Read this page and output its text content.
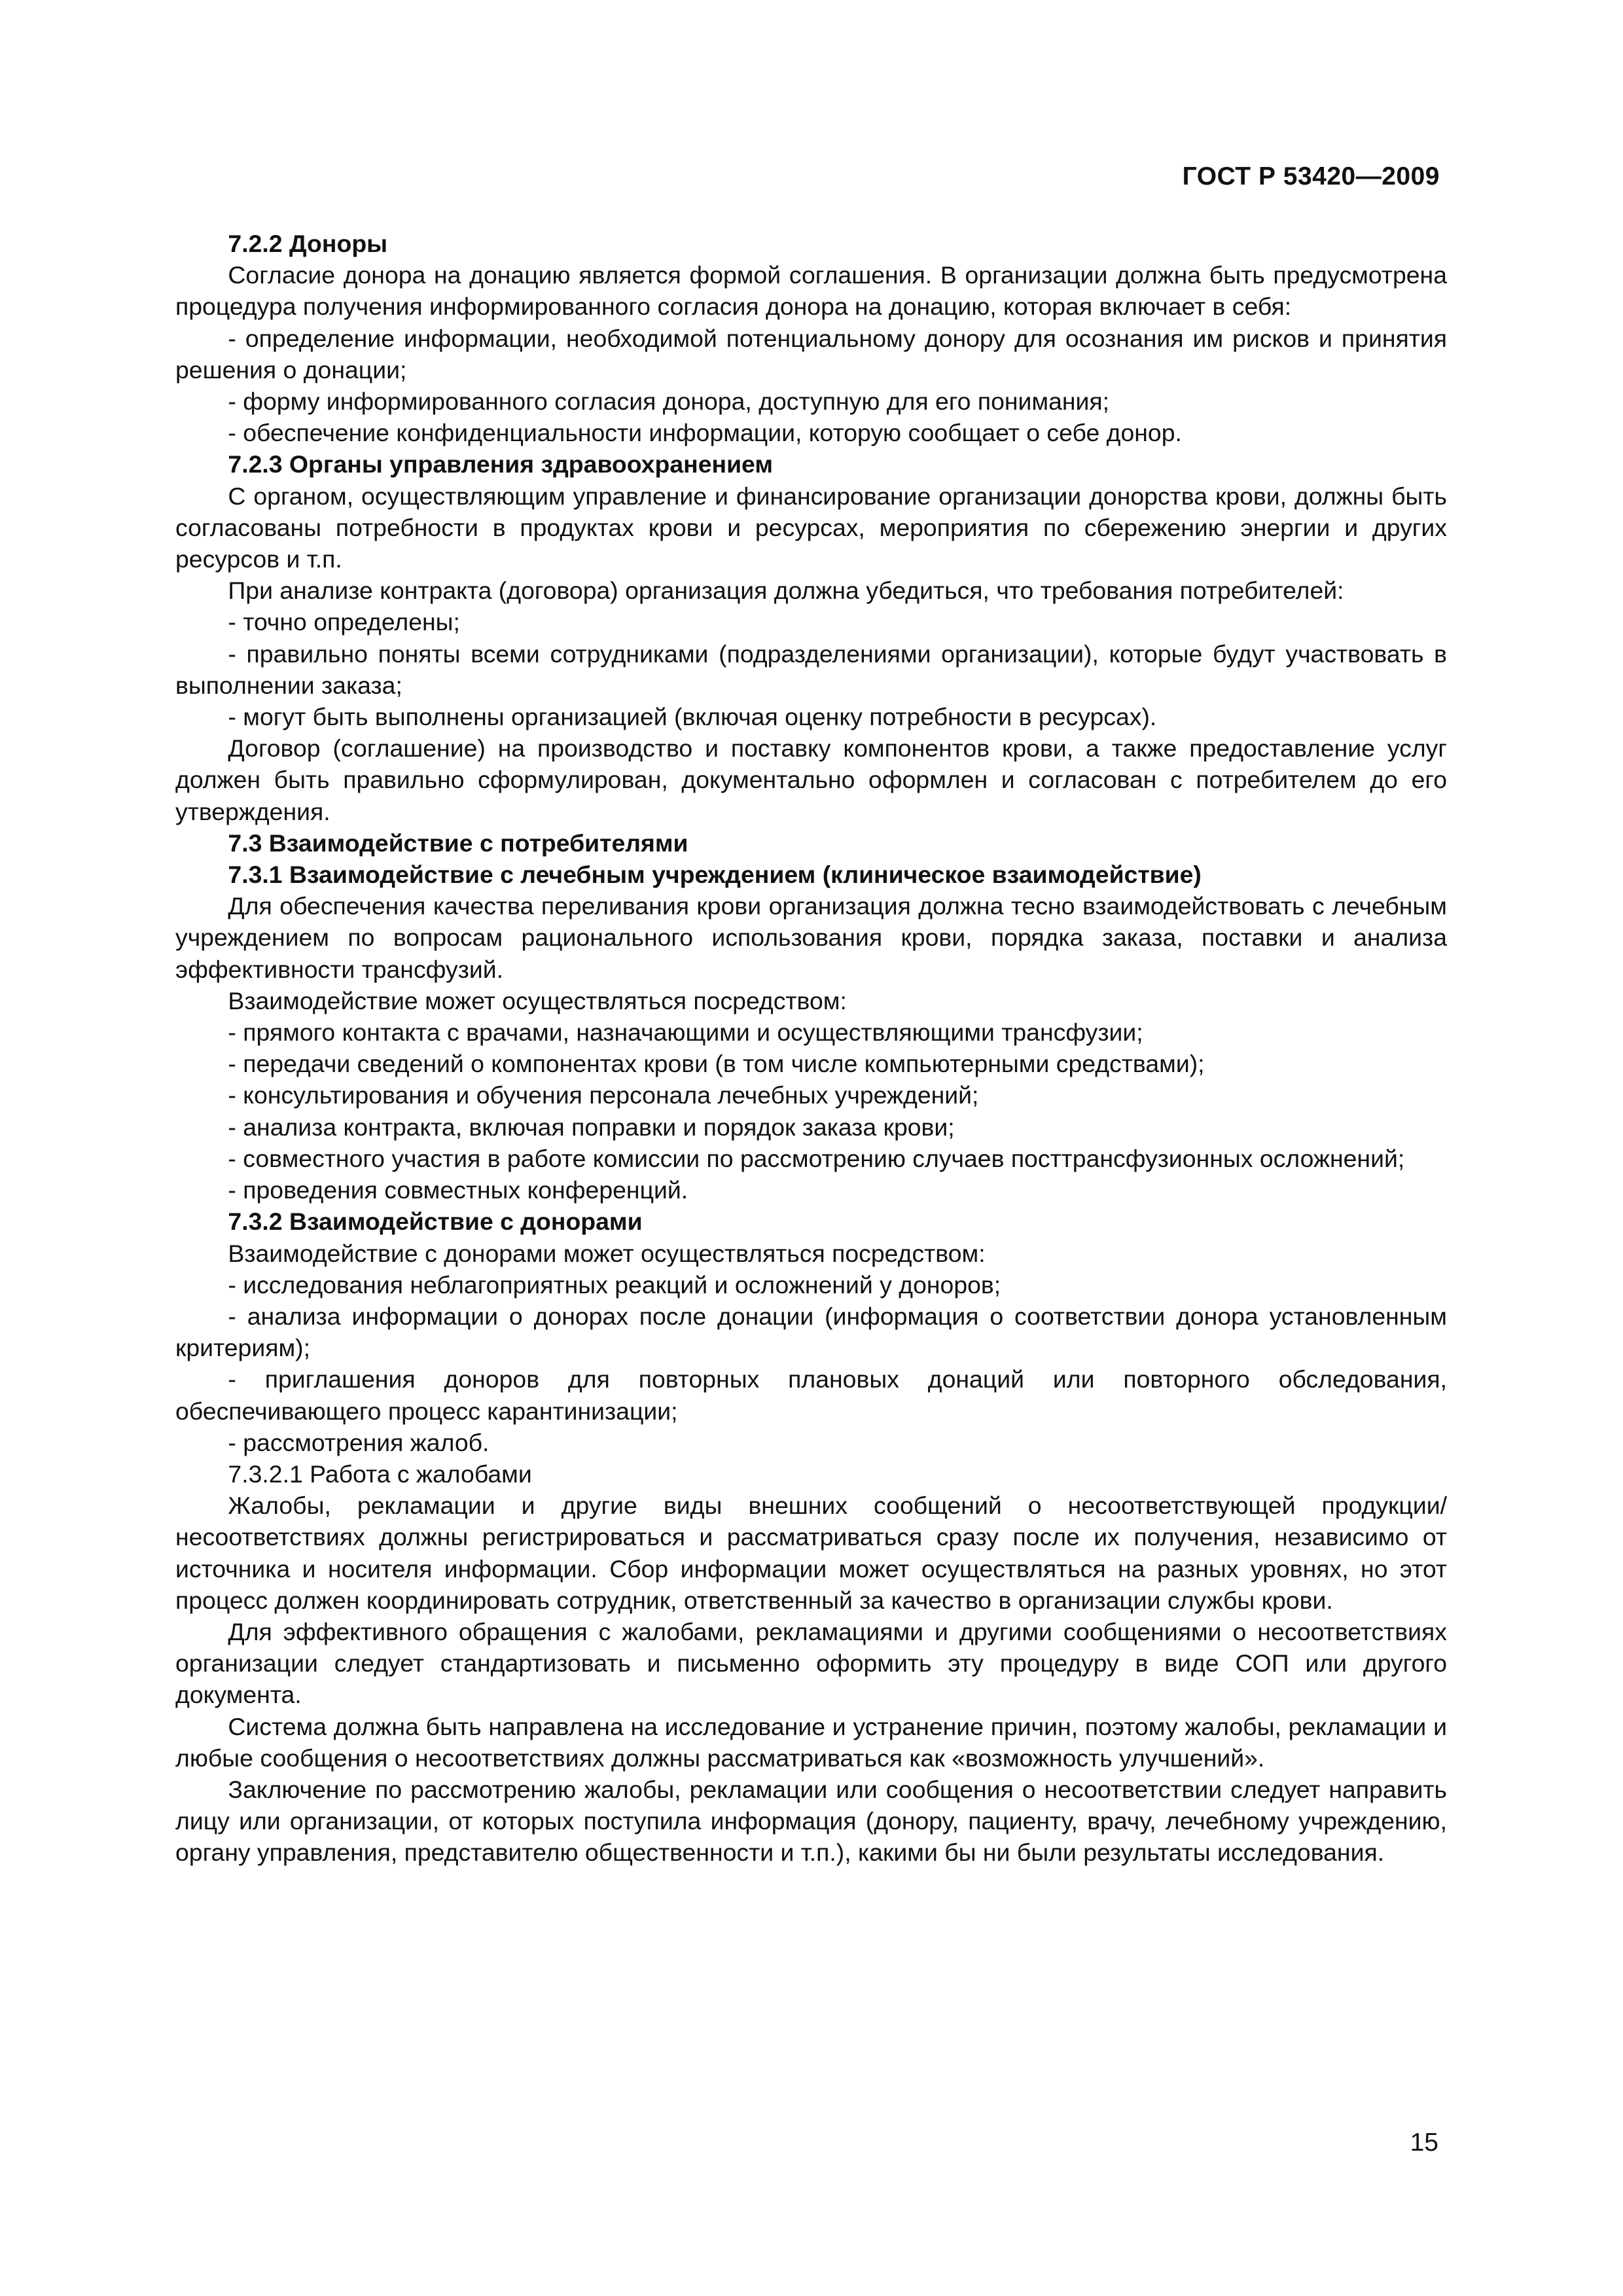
ГОСТ Р 53420—2009

7.2.2 Доноры

Согласие донора на донацию является формой соглашения. В организации должна быть предусмотрена процедура получения информированного согласия донора на донацию, которая включает в себя:

- определение информации, необходимой потенциальному донору для осознания им рисков и принятия решения о донации;

- форму информированного согласия донора, доступную для его понимания;

- обеспечение конфиденциальности информации, которую сообщает о себе донор.

7.2.3 Органы управления здравоохранением

С органом, осуществляющим управление и финансирование организации донорства крови, должны быть согласованы потребности в продуктах крови и ресурсах, мероприятия по сбережению энергии и других ресурсов и т.п.

При анализе контракта (договора) организация должна убедиться, что требования потребителей:

- точно определены;

- правильно поняты всеми сотрудниками (подразделениями организации), которые будут участвовать в выполнении заказа;

- могут быть выполнены организацией (включая оценку потребности в ресурсах).

Договор (соглашение) на производство и поставку компонентов крови, а также предоставление услуг должен быть правильно сформулирован, документально оформлен и согласован с потребителем до его утверждения.

7.3 Взаимодействие с потребителями

7.3.1 Взаимодействие с лечебным учреждением (клиническое взаимодействие)

Для обеспечения качества переливания крови организация должна тесно взаимодействовать с лечебным учреждением по вопросам рационального использования крови, порядка заказа, поставки и анализа эффективности трансфузий.

Взаимодействие может осуществляться посредством:

- прямого контакта с врачами, назначающими и осуществляющими трансфузии;

- передачи сведений о компонентах крови (в том числе компьютерными средствами);

- консультирования и обучения персонала лечебных учреждений;

- анализа контракта, включая поправки и порядок заказа крови;

- совместного участия в работе комиссии по рассмотрению случаев посттрансфузионных осложнений;

- проведения совместных конференций.

7.3.2 Взаимодействие с донорами

Взаимодействие с донорами может осуществляться посредством:

- исследования неблагоприятных реакций и осложнений у доноров;

- анализа информации о донорах после донации (информация о соответствии донора установленным критериям);

- приглашения доноров для повторных плановых донаций или повторного обследования, обеспечивающего процесс карантинизации;

- рассмотрения жалоб.

7.3.2.1 Работа с жалобами

Жалобы, рекламации и другие виды внешних сообщений о несоответствующей продукции/несоответствиях должны регистрироваться и рассматриваться сразу после их получения, независимо от источника и носителя информации. Сбор информации может осуществляться на разных уровнях, но этот процесс должен координировать сотрудник, ответственный за качество в организации службы крови.

Для эффективного обращения с жалобами, рекламациями и другими сообщениями о несоответствиях организации следует стандартизовать и письменно оформить эту процедуру в виде СОП или другого документа.

Система должна быть направлена на исследование и устранение причин, поэтому жалобы, рекламации и любые сообщения о несоответствиях должны рассматриваться как «возможность улучшений».

Заключение по рассмотрению жалобы, рекламации или сообщения о несоответствии следует направить лицу или организации, от которых поступила информация (донору, пациенту, врачу, лечебному учреждению, органу управления, представителю общественности и т.п.), какими бы ни были результаты исследования.

15
